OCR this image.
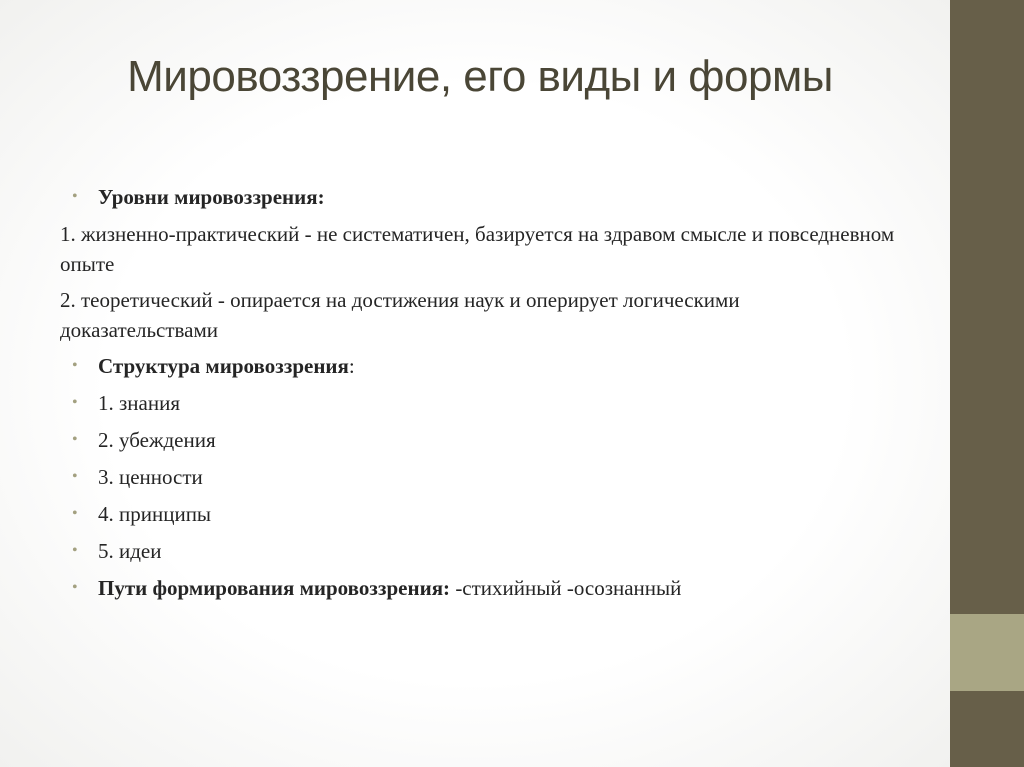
Мировоззрение, его виды и формы
• Уровни мировоззрения:
1. жизненно-практический - не систематичен, базируется на здравом смысле и повседневном опыте
2. теоретический - опирается на достижения наук и оперирует логическими доказательствами
• Структура мировоззрения:
• 1. знания
• 2. убеждения
• 3. ценности
• 4. принципы
• 5. идеи
• Пути формирования мировоззрения: -стихийный -осознанный
